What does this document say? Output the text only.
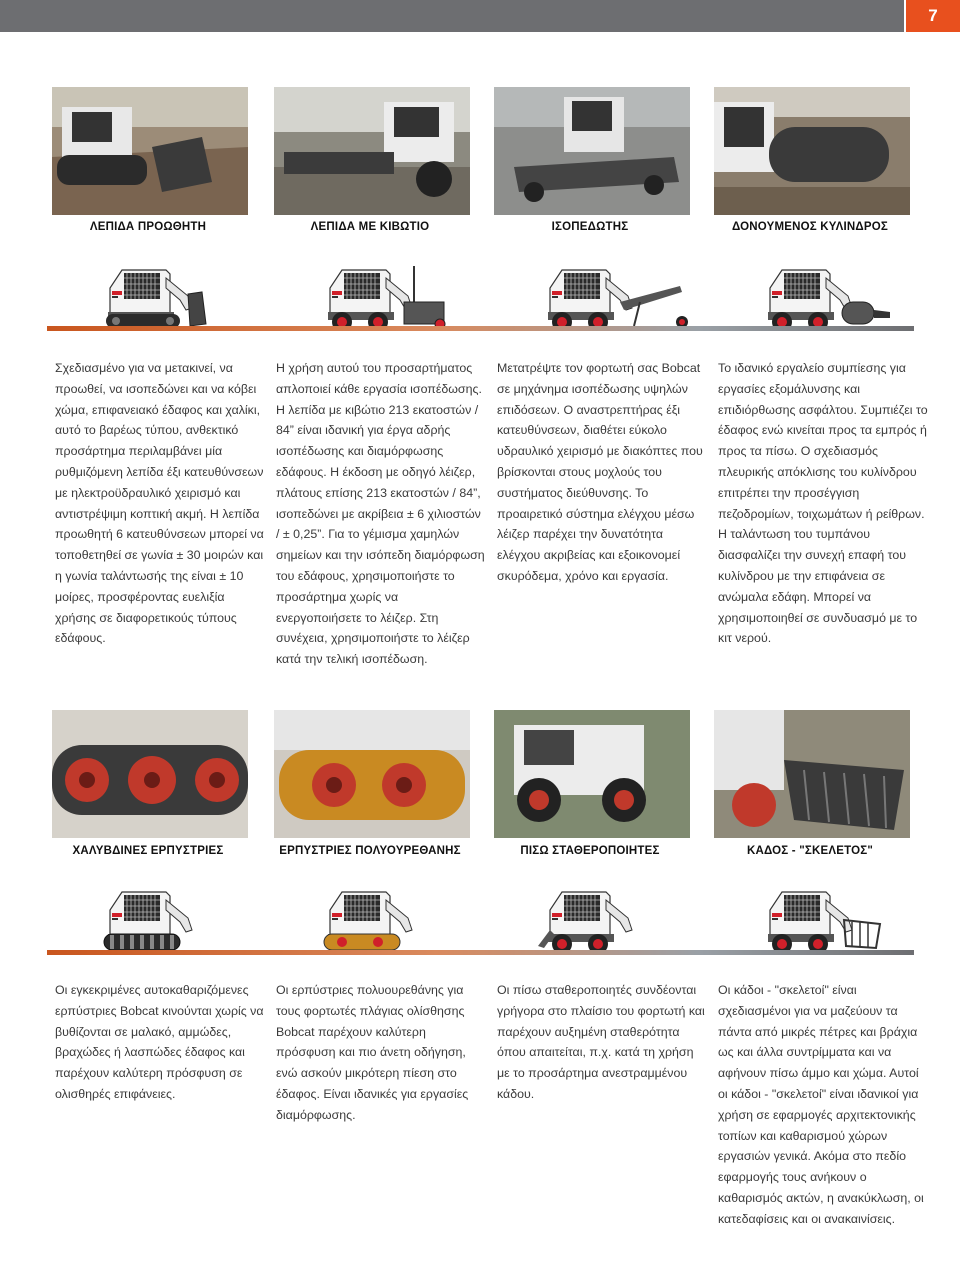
7
ΛΕΠΙΔΑ ΠΡΟΩΘΗΤΗ	ΛΕΠΙΔΑ ΜΕ ΚΙΒΩΤΙΟ	ΙΣΟΠΕΔΩΤΗΣ	ΔΟΝΟΥΜΕΝΟΣ ΚΥΛΙΝΔΡΟΣ

Σχεδιασμένο για να μετακινεί, να προωθεί, να ισοπεδώνει και να κόβει χώμα, επιφανειακό έδαφος και χαλίκι, αυτό το βαρέως τύπου, ανθεκτικό προσάρτημα περιλαμβάνει μία ρυθμιζόμενη λεπίδα έξι κατευθύνσεων με ηλεκτροϋδραυλικό χειρισμό και αντιστρέψιμη κοπτική ακμή. Η λεπίδα προωθητή 6 κατευθύνσεων μπορεί να τοποθετηθεί σε γωνία ± 30 μοιρών και η γωνία ταλάντωσής της είναι ± 10 μοίρες, προσφέροντας ευελιξία χρήσης σε διαφορετικούς τύπους εδάφους.

Η χρήση αυτού του προσαρτήματος απλοποιεί κάθε εργασία ισοπέδωσης. Η λεπίδα με κιβώτιο 213 εκατοστών / 84” είναι ιδανική για έργα αδρής ισοπέδωσης και διαμόρφωσης εδάφους. Η έκδοση με οδηγό λέιζερ, πλάτους επίσης 213 εκατοστών / 84”, ισοπεδώνει με ακρίβεια ± 6 χιλιοστών / ± 0,25”. Για το γέμισμα χαμηλών σημείων και την ισόπεδη διαμόρφωση του εδάφους, χρησιμοποιήστε το προσάρτημα χωρίς να ενεργοποιήσετε το λέιζερ. Στη συνέχεια, χρησιμοποιήστε το λέιζερ κατά την τελική ισοπέδωση.

Μετατρέψτε τον φορτωτή σας Bobcat σε μηχάνημα ισοπέδωσης υψηλών επιδόσεων. Ο αναστρεπτήρας έξι κατευθύνσεων, διαθέτει εύκολο υδραυλικό χειρισμό με διακόπτες που βρίσκονται στους μοχλούς του συστήματος διεύθυνσης. Το προαιρετικό σύστημα ελέγχου μέσω λέιζερ παρέχει την δυνατότητα ελέγχου ακριβείας και εξοικονομεί σκυρόδεμα, χρόνο και εργασία.

Το ιδανικό εργαλείο συμπίεσης για εργασίες εξομάλυνσης και επιδιόρθωσης ασφάλτου. Συμπιέζει το έδαφος ενώ κινείται προς τα εμπρός ή προς τα πίσω. Ο σχεδιασμός πλευρικής απόκλισης του κυλίνδρου επιτρέπει την προσέγγιση πεζοδρομίων, τοιχωμάτων ή ρείθρων. Η ταλάντωση του τυμπάνου διασφαλίζει την συνεχή επαφή του κυλίνδρου με την επιφάνεια σε ανώμαλα εδάφη. Μπορεί να χρησιμοποιηθεί σε συνδυασμό με το κιτ νερού.

ΧΑΛΥΒΔΙΝΕΣ ΕΡΠΥΣΤΡΙΕΣ	ΕΡΠΥΣΤΡΙΕΣ ΠΟΛΥΟΥΡΕΘΑΝΗΣ	ΠΙΣΩ ΣΤΑΘΕΡΟΠΟΙΗΤΕΣ	ΚΑΔΟΣ - "ΣΚΕΛΕΤΟΣ"

Οι εγκεκριμένες αυτοκαθαριζόμενες ερπύστριες Bobcat κινούνται χωρίς να βυθίζονται σε μαλακό, αμμώδες, βραχώδες ή λασπώδες έδαφος και παρέχουν καλύτερη πρόσφυση σε ολισθηρές επιφάνειες.

Οι ερπύστριες πολυουρεθάνης για τους φορτωτές πλάγιας ολίσθησης Bobcat παρέχουν καλύτερη πρόσφυση και πιο άνετη οδήγηση, ενώ ασκούν μικρότερη πίεση στο έδαφος. Είναι ιδανικές για εργασίες διαμόρφωσης.

Οι πίσω σταθεροποιητές συνδέονται γρήγορα στο πλαίσιο του φορτωτή και παρέχουν αυξημένη σταθερότητα όπου απαιτείται, π.χ. κατά τη χρήση με το προσάρτημα ανεστραμμένου κάδου.

Οι κάδοι - "σκελετοί" είναι σχεδιασμένοι για να μαζεύουν τα πάντα από μικρές πέτρες και βράχια ως και άλλα συντρίμματα και να αφήνουν πίσω άμμο και χώμα. Αυτοί οι κάδοι - "σκελετοί" είναι ιδανικοί για χρήση σε εφαρμογές αρχιτεκτονικής τοπίων και καθαρισμού χώρων εργασιών γενικά. Ακόμα στο πεδίο εφαρμογής τους ανήκουν ο καθαρισμός ακτών, η ανακύκλωση, οι κατεδαφίσεις και οι ανακαινίσεις.
